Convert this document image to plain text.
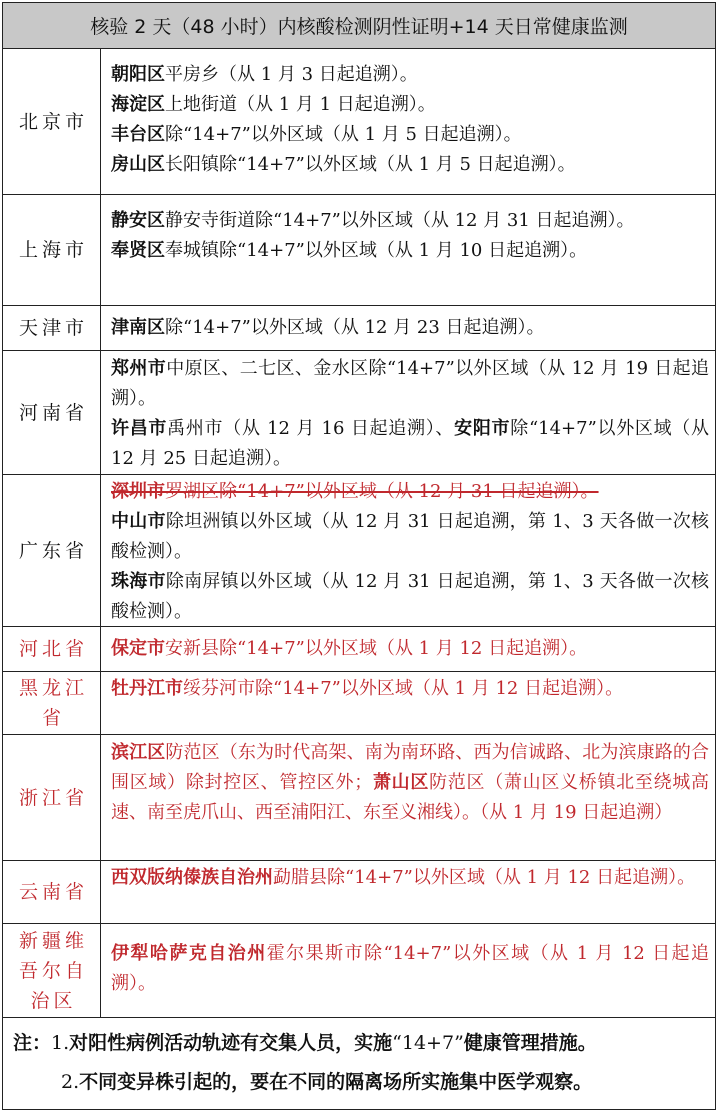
核验 2 天（48 小时）内核酸检测阴性证明+14 天日常健康监测
北京市
朝阳区平房乡（从 1 月 3 日起追溯）。
海淀区上地街道（从 1 月 1 日起追溯）。
丰台区除“14+7”以外区域（从 1 月 5 日起追溯）。
房山区长阳镇除“14+7”以外区域（从 1 月 5 日起追溯）。
上海市
静安区静安寺街道除“14+7”以外区域（从 12 月 31 日起追溯）。
奉贤区奉城镇除“14+7”以外区域（从 1 月 10 日起追溯）。
天津市	津南区除“14+7”以外区域（从 12 月 23 日起追溯）。
河南省
郑州市中原区、二七区、金水区除“14+7”以外区域（从 12 月 19 日起追溯）。
许昌市禹州市（从 12 月 16 日起追溯）、安阳市除“14+7”以外区域（从 12 月 25 日起追溯）。
广东省
深圳市罗湖区除“14+7”以外区域（从 12 月 31 日起追溯）。
中山市除坦洲镇以外区域（从 12 月 31 日起追溯，第 1、3 天各做一次核酸检测）。
珠海市除南屏镇以外区域（从 12 月 31 日起追溯，第 1、3 天各做一次核酸检测）。
河北省	保定市安新县除“14+7”以外区域（从 1 月 12 日起追溯）。
黑龙江省
牡丹江市绥芬河市除“14+7”以外区域（从 1 月 12 日起追溯）。
浙江省
滨江区防范区（东为时代高架、南为南环路、西为信诚路、北为滨康路的合围区域）除封控区、管控区外；萧山区防范区（萧山区义桥镇北至绕城高速、南至虎爪山、西至浦阳江、东至义湘线）。（从 1 月 19 日起追溯）
云南省
西双版纳傣族自治州勐腊县除“14+7”以外区域（从 1 月 12 日起追溯）。
新疆维吾尔自治区
伊犁哈萨克自治州霍尔果斯市除“14+7”以外区域（从 1 月 12 日起追溯）。
注：1.对阳性病例活动轨迹有交集人员，实施“14+7”健康管理措施。
2.不同变异株引起的，要在不同的隔离场所实施集中医学观察。
